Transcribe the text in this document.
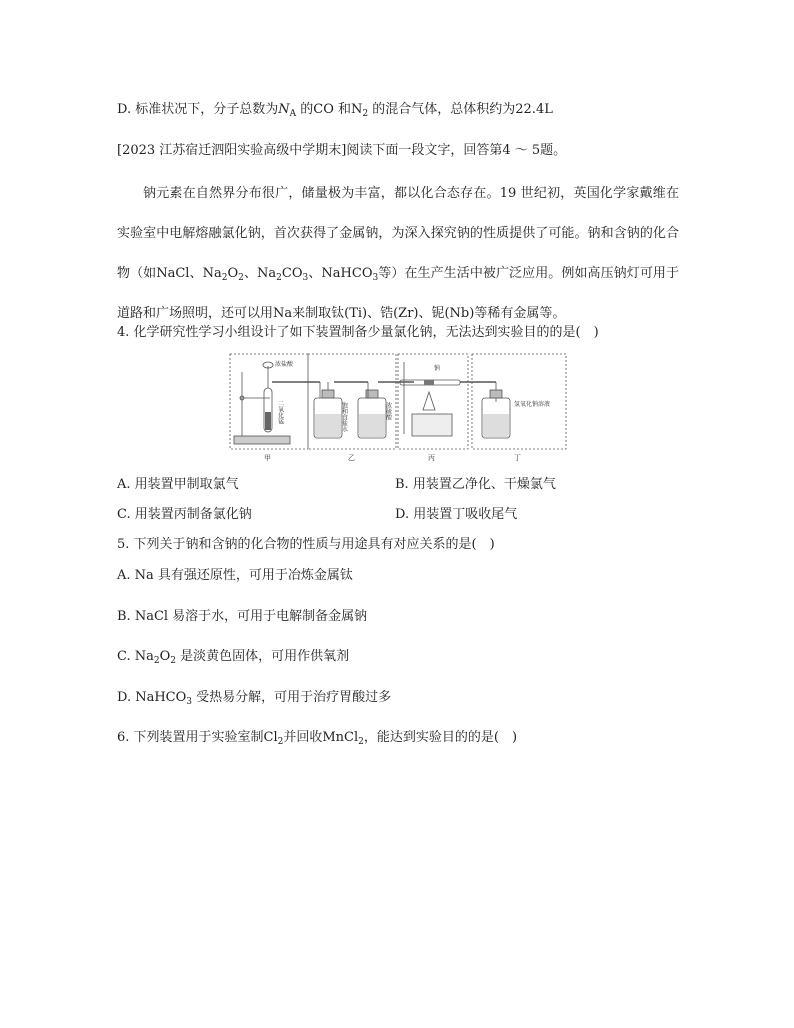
D. 标准状况下，分子总数为$N_A$ 的CO 和$N_2$ 的混合气体，总体积约为22.4L
[2023 江苏宿迁泗阳实验高级中学期末]阅读下面一段文字，回答第4 ～ 5题。
钠元素在自然界分布很广，储量极为丰富，都以化合态存在。19 世纪初，英国化学家戴维在实验室中电解熔融氯化钠，首次获得了金属钠，为深入探究钠的性质提供了可能。钠和含钠的化合物（如NaCl、$Na_2O_2$、$Na_2CO_3$、NaHCO$_3$等）在生产生活中被广泛应用。例如高压钠灯可用于道路和广场照明，还可以用Na来制取钛(Ti)、锆(Zr)、铌(Nb)等稀有金属等。
4. 化学研究性学习小组设计了如下装置制备少量氯化钠，无法达到实验目的的是(　)
浓盐酸
二氧化锰	饱和食盐水	浓硫酸
钠
氢氧化钠溶液
甲	乙	丙	丁
A. 用装置甲制取氯气	B. 用装置乙净化、干燥氯气
C. 用装置丙制备氯化钠	D. 用装置丁吸收尾气
5. 下列关于钠和含钠的化合物的性质与用途具有对应关系的是(　)
A. Na 具有强还原性，可用于冶炼金属钛
B. NaCl 易溶于水，可用于电解制备金属钠
C. $Na_2O_2$ 是淡黄色固体，可用作供氧剂
D. NaHCO$_3$ 受热易分解，可用于治疗胃酸过多
6. 下列装置用于实验室制$Cl_2$并回收MnCl$_2$，能达到实验目的的是(　)
